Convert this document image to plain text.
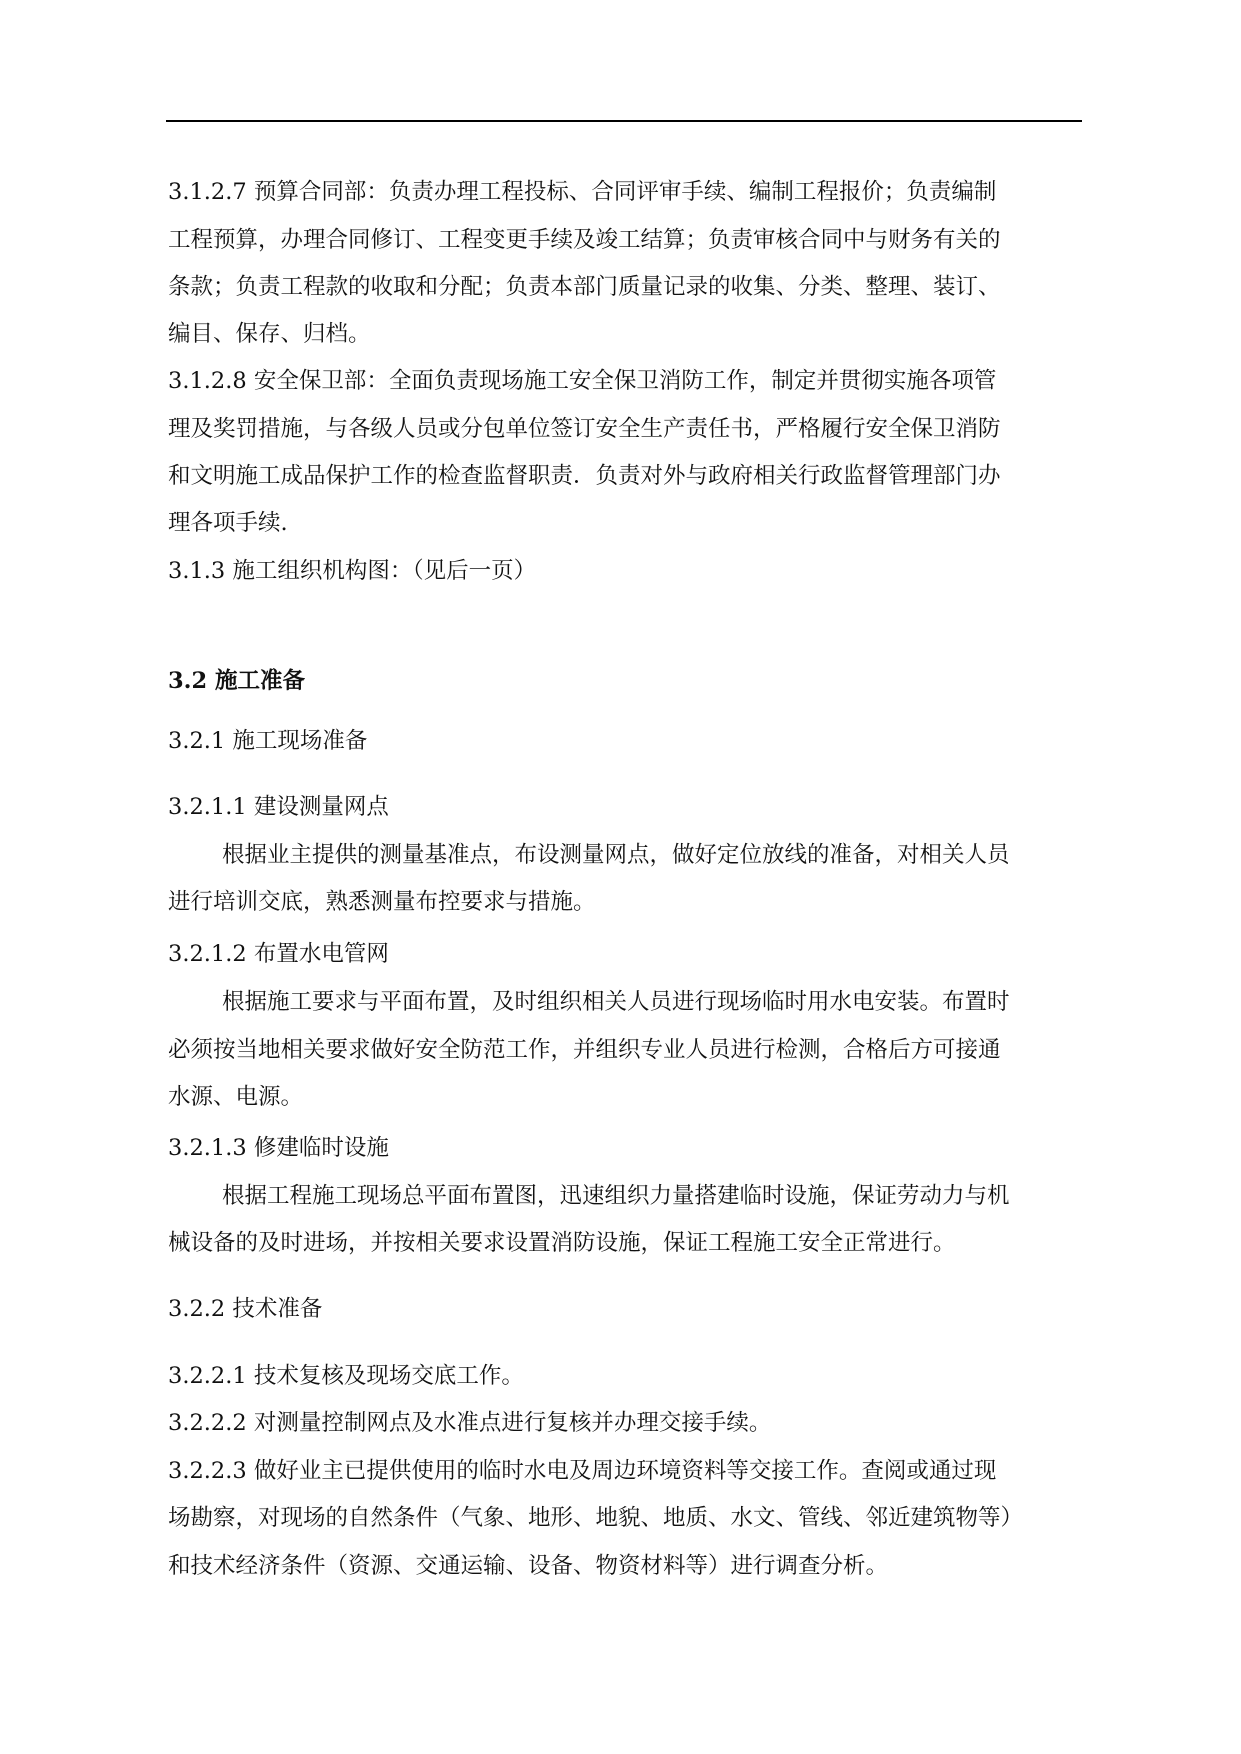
3.1.2.7 预算合同部：负责办理工程投标、合同评审手续、编制工程报价；负责编制
工程预算，办理合同修订、工程变更手续及竣工结算；负责审核合同中与财务有关的
条款；负责工程款的收取和分配；负责本部门质量记录的收集、分类、整理、装订、
编目、保存、归档。
3.1.2.8 安全保卫部：全面负责现场施工安全保卫消防工作，制定并贯彻实施各项管
理及奖罚措施，与各级人员或分包单位签订安全生产责任书，严格履行安全保卫消防
和文明施工成品保护工作的检查监督职责．负责对外与政府相关行政监督管理部门办
理各项手续.
3.1.3 施工组织机构图：（见后一页）
3.2 施工准备
3.2.1 施工现场准备
3.2.1.1 建设测量网点
根据业主提供的测量基准点，布设测量网点，做好定位放线的准备，对相关人员
进行培训交底，熟悉测量布控要求与措施。
3.2.1.2 布置水电管网
根据施工要求与平面布置，及时组织相关人员进行现场临时用水电安装。布置时
必须按当地相关要求做好安全防范工作，并组织专业人员进行检测，合格后方可接通
水源、电源。
3.2.1.3 修建临时设施
根据工程施工现场总平面布置图，迅速组织力量搭建临时设施，保证劳动力与机
械设备的及时进场，并按相关要求设置消防设施，保证工程施工安全正常进行。
3.2.2 技术准备
3.2.2.1 技术复核及现场交底工作。
3.2.2.2 对测量控制网点及水准点进行复核并办理交接手续。
3.2.2.3 做好业主已提供使用的临时水电及周边环境资料等交接工作。查阅或通过现
场勘察，对现场的自然条件（气象、地形、地貌、地质、水文、管线、邻近建筑物等）
和技术经济条件（资源、交通运输、设备、物资材料等）进行调查分析。
